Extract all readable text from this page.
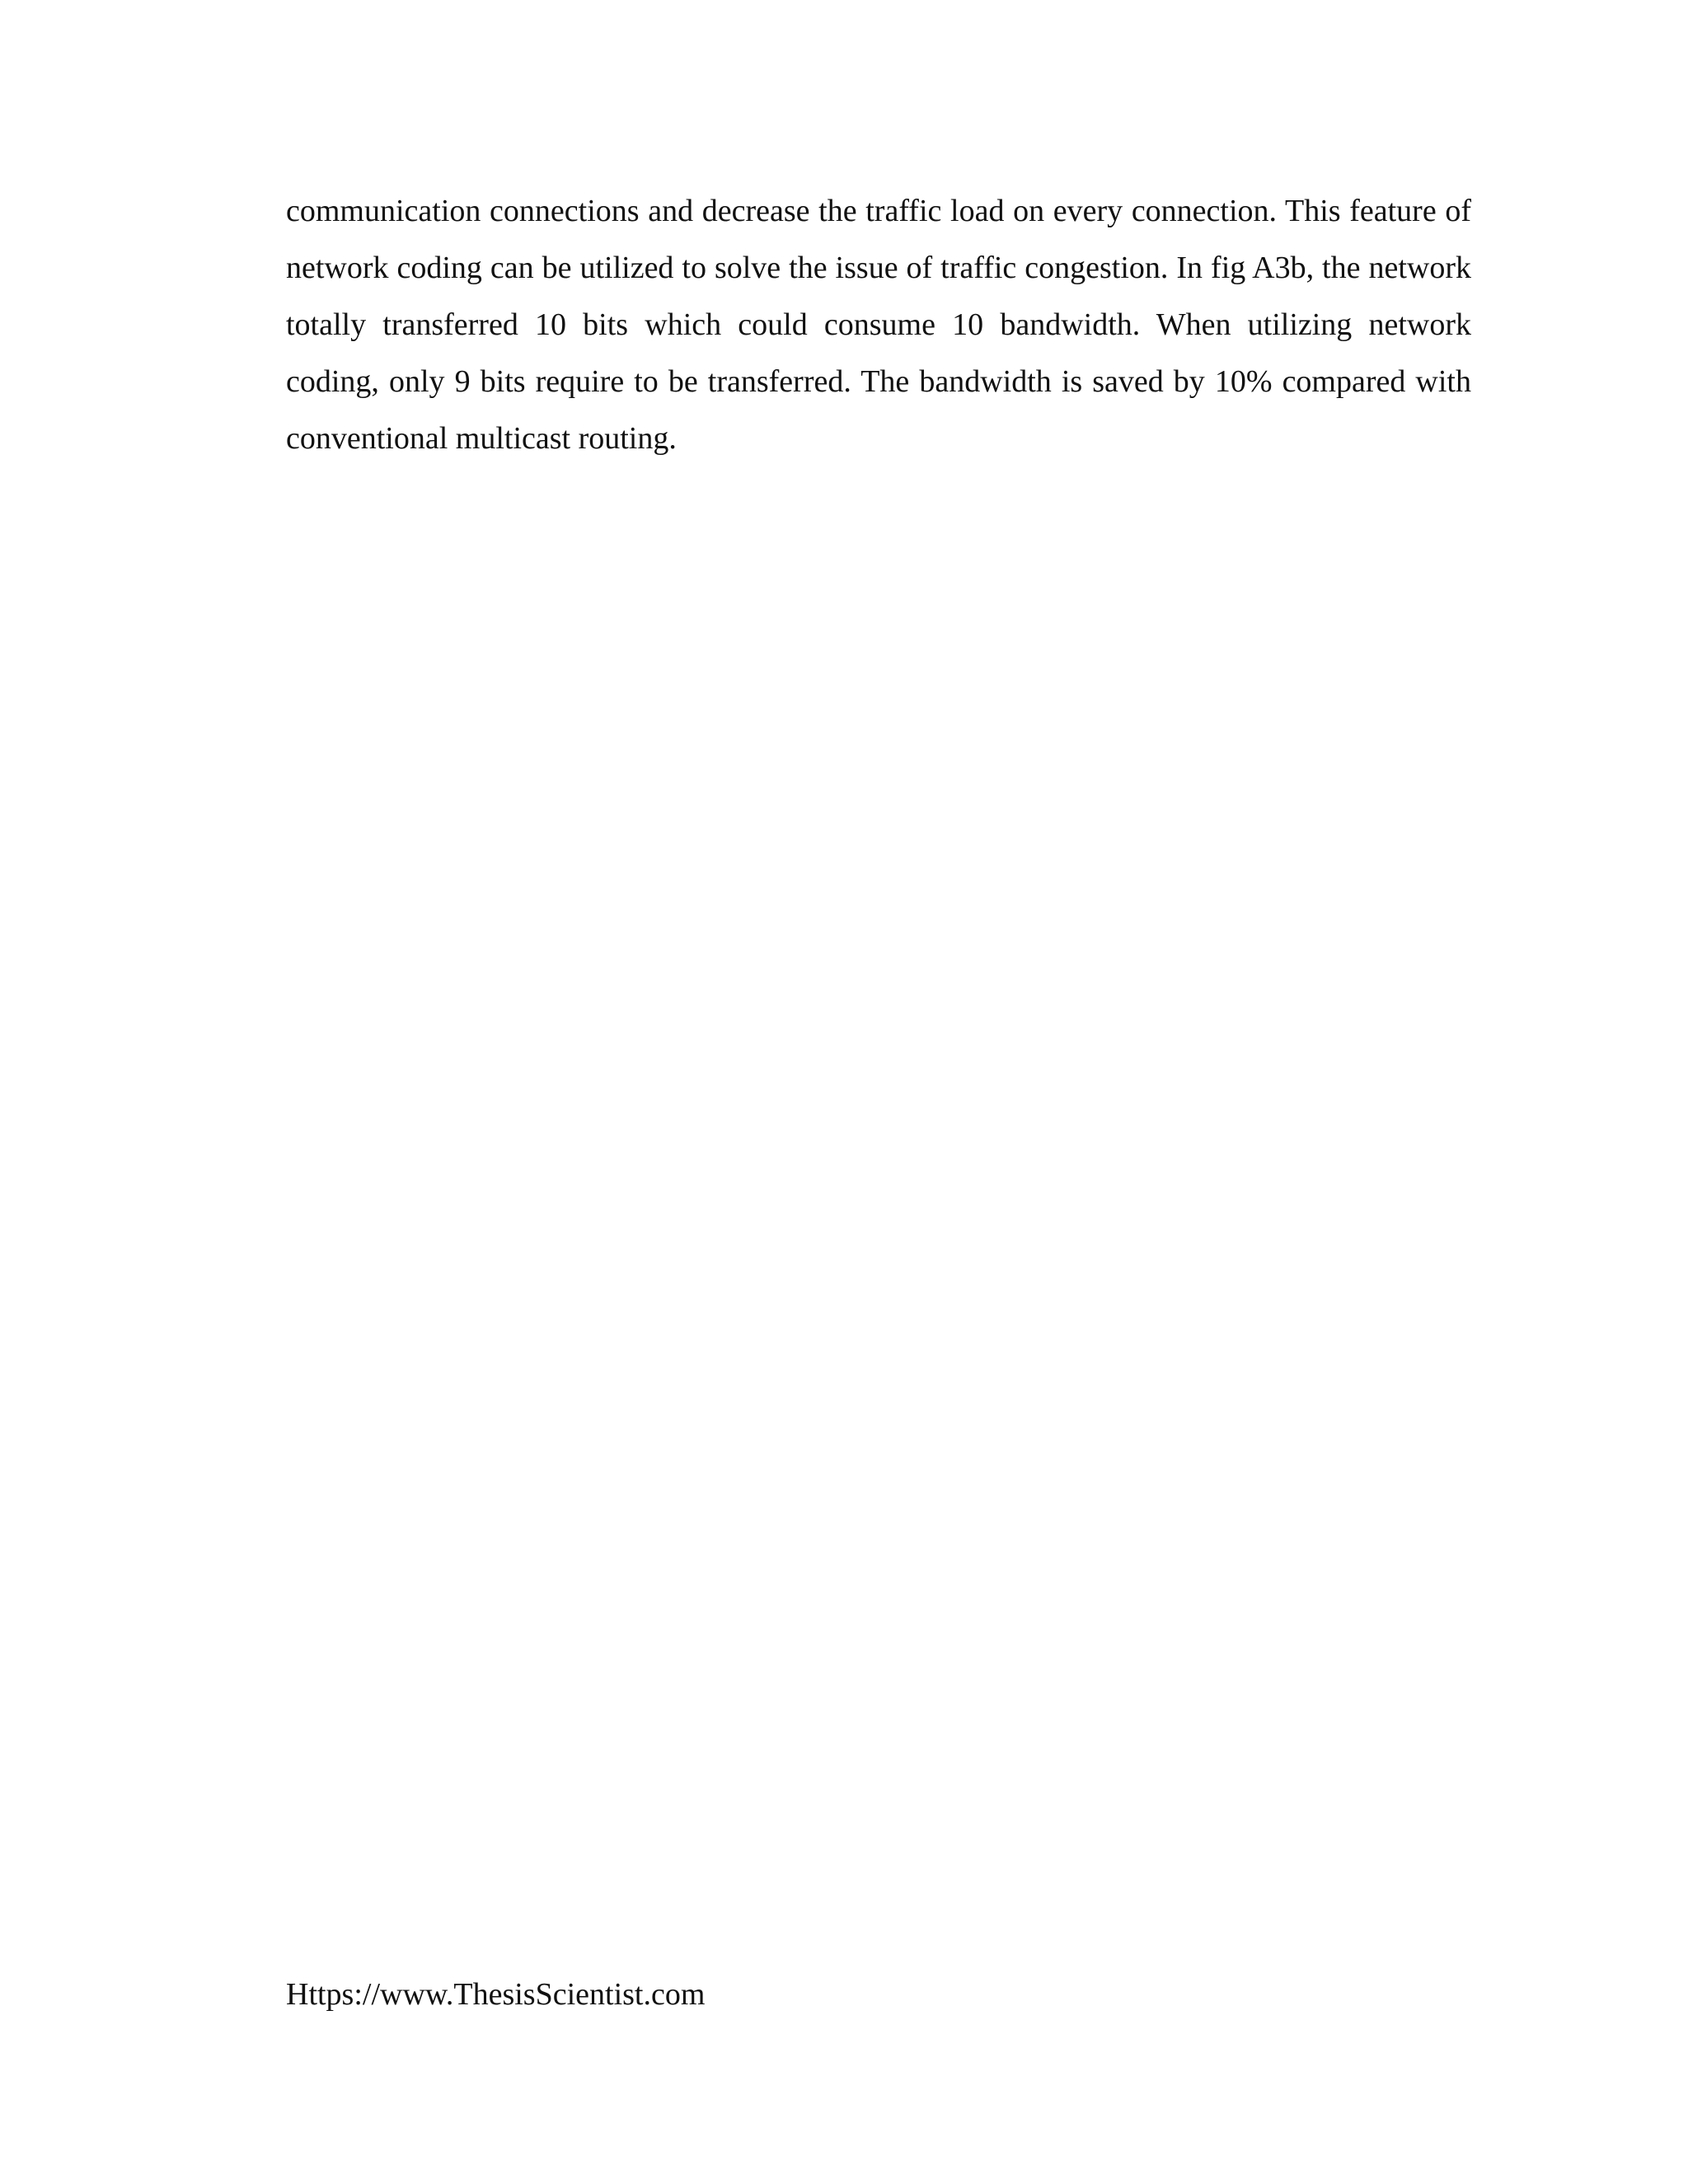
communication connections and decrease the traffic load on every connection. This feature of network coding can be utilized to solve the issue of traffic congestion. In fig A3b, the network totally transferred 10 bits which could consume 10 bandwidth. When utilizing network coding, only 9 bits require to be transferred. The bandwidth is saved by 10% compared with conventional multicast routing.

Https://www.ThesisScientist.com
